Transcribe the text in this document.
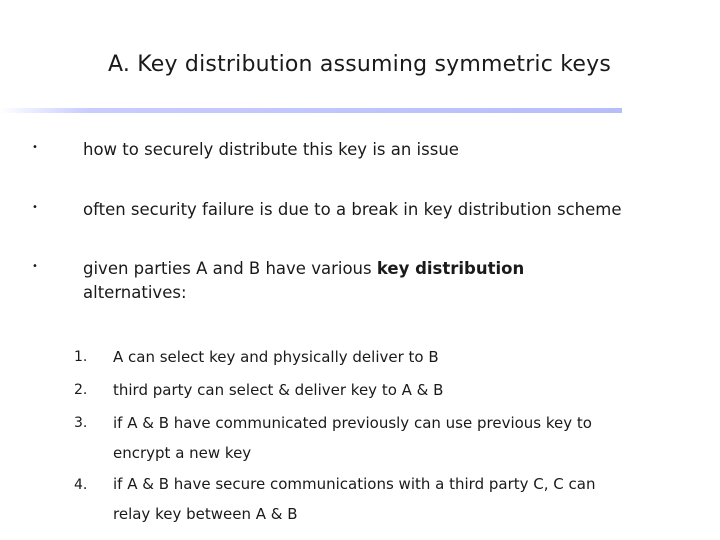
A. Key distribution assuming symmetric keys
•	how to securely distribute this key is an issue
•	often security failure is due to a break in key distribution scheme
•	given parties A and B have various key distribution
alternatives:
1. A can select key and physically deliver to B
2. third party can select & deliver key to A & B
3. if A & B have communicated previously can use previous key to
encrypt a new key
4. if A & B have secure communications with a third party C, C can
relay key between A & B
